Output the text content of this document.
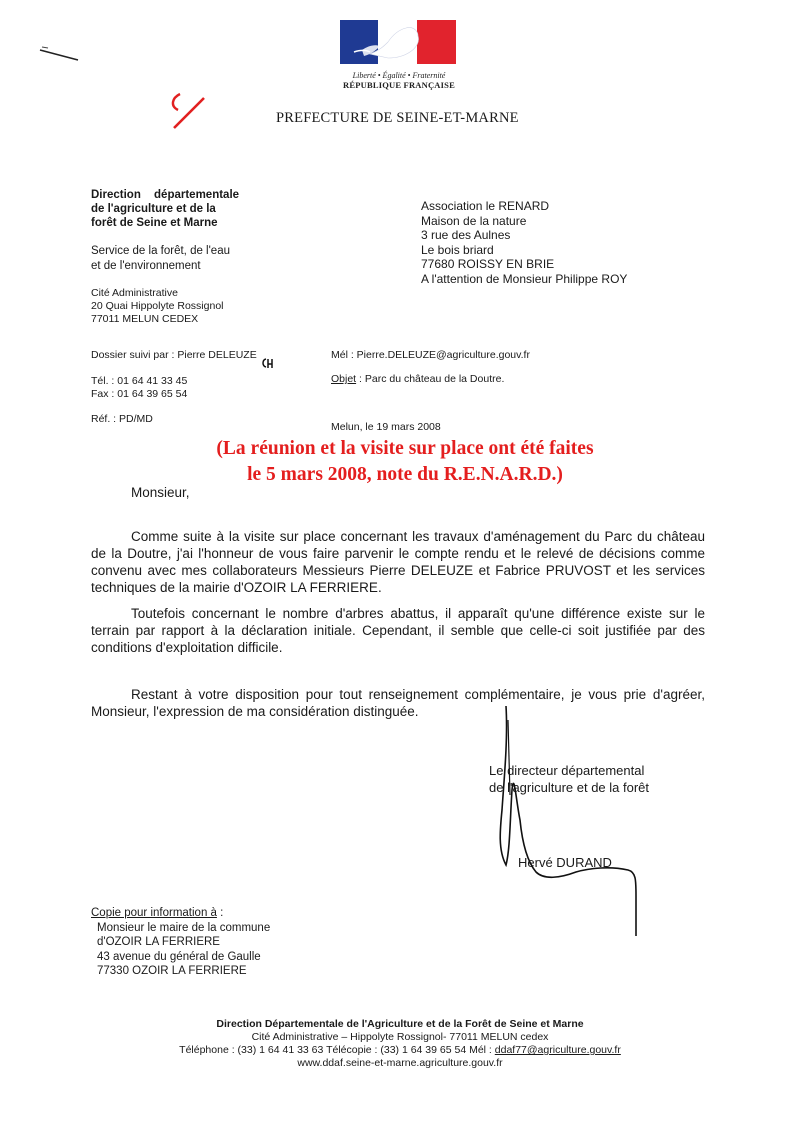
Liberté • Égalité • Fraternité
RÉPUBLIQUE FRANÇAISE
PREFECTURE DE SEINE-ET-MARNE
Direction départementale
de l'agriculture et de la
forêt de Seine et Marne
Service de la forêt, de l'eau
et de l'environnement
Cité Administrative
20 Quai Hippolyte Rossignol
77011 MELUN CEDEX
Association le RENARD
Maison de la nature
3 rue des Aulnes
Le bois briard
77680 ROISSY EN BRIE
A l'attention de Monsieur Philippe ROY
Dossier suivi par : Pierre DELEUZE
Tél. : 01 64 41 33 45
Fax : 01 64 39 65 54
Réf. : PD/MD
Mél : Pierre.DELEUZE@agriculture.gouv.fr
Objet : Parc du château de la Doutre.
Melun, le 19 mars 2008
(La réunion et la visite sur place ont été faites
le 5 mars 2008, note du R.E.N.A.R.D.)
Monsieur,
Comme suite à la visite sur place concernant les travaux d'aménagement du Parc du château de la Doutre, j'ai l'honneur de vous faire parvenir le compte rendu et le relevé de décisions comme convenu avec mes collaborateurs Messieurs Pierre DELEUZE et Fabrice PRUVOST et les services techniques de la mairie d'OZOIR LA FERRIERE.
Toutefois concernant le nombre d'arbres abattus, il apparaît qu'une différence existe sur le terrain par rapport à la déclaration initiale. Cependant, il semble que celle-ci soit justifiée par des conditions d'exploitation difficile.
Restant à votre disposition pour tout renseignement complémentaire, je vous prie d'agréer, Monsieur, l'expression de ma considération distinguée.
Le directeur départemental
de l'agriculture et de la forêt
Hervé DURAND
Copie pour information à :
Monsieur le maire de la commune
d'OZOIR LA FERRIERE
43 avenue du général de Gaulle
77330 OZOIR LA FERRIERE
Direction Départementale de l'Agriculture et de la Forêt de Seine et Marne
Cité Administrative – Hippolyte Rossignol- 77011 MELUN cedex
Téléphone : (33) 1 64 41 33 63 Télécopie : (33) 1 64 39 65 54 Mél : ddaf77@agriculture.gouv.fr
www.ddaf.seine-et-marne.agriculture.gouv.fr
